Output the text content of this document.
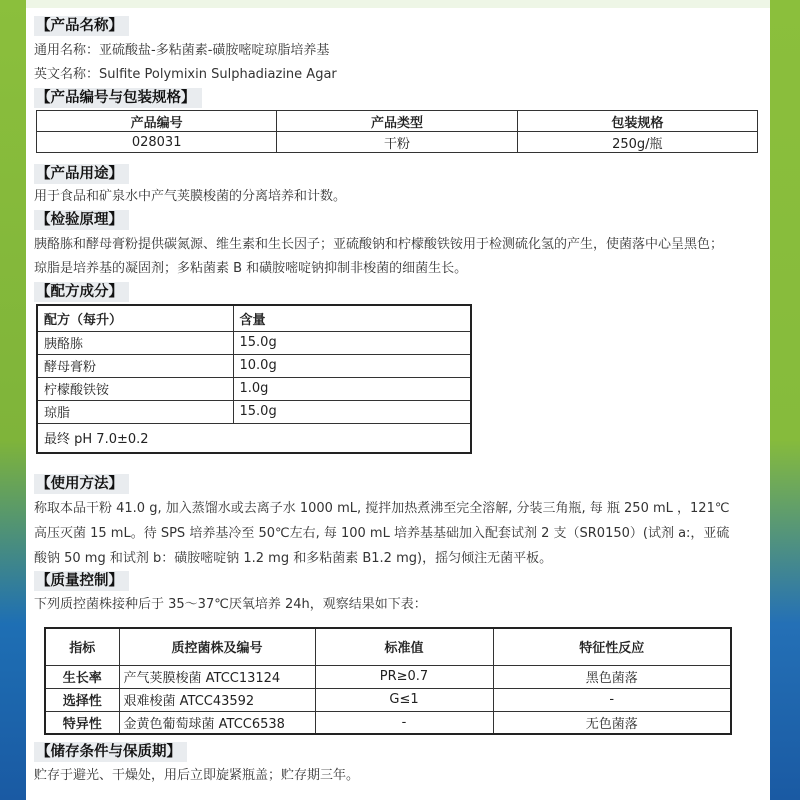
【产品名称】
通用名称：亚硫酸盐-多粘菌素-磺胺嘧啶琼脂培养基
英文名称：Sulfite Polymixin Sulphadiazine Agar
【产品编号与包装规格】
产品编号	产品类型	包装规格
028031	干粉	250g/瓶
【产品用途】
用于食品和矿泉水中产气荚膜梭菌的分离培养和计数。
【检验原理】
胰酪胨和酵母膏粉提供碳氮源、维生素和生长因子；亚硫酸钠和柠檬酸铁铵用于检测硫化氢的产生，使菌落中心呈黑色；
琼脂是培养基的凝固剂；多粘菌素 B 和磺胺嘧啶钠抑制非梭菌的细菌生长。
【配方成分】
配方（每升）	含量
胰酪胨	15.0g
酵母膏粉	10.0g
柠檬酸铁铵	1.0g
琼脂	15.0g
最终 pH 7.0±0.2	
【使用方法】
称取本品干粉 41.0 g, 加入蒸馏水或去离子水 1000 mL, 搅拌加热煮沸至完全溶解, 分装三角瓶, 每 瓶 250 mL ，121℃
高压灭菌 15 mL。待 SPS 培养基冷至 50℃左右, 每 100 mL 培养基基础加入配套试剂 2 支（SR0150）(试剂 a:，亚硫
酸钠 50 mg 和试剂 b：磺胺嘧啶钠 1.2 mg 和多粘菌素 B1.2 mg)，摇匀倾注无菌平板。
【质量控制】
下列质控菌株接种后于 35～37℃厌氧培养 24h，观察结果如下表：
指标	质控菌株及编号	标准值	特征性反应
生长率	产气荚膜梭菌 ATCC13124	PR≥0.7	黑色菌落
选择性	艰难梭菌 ATCC43592	G≤1	-
特异性	金黄色葡萄球菌 ATCC6538	-	无色菌落
【储存条件与保质期】
贮存于避光、干燥处，用后立即旋紧瓶盖；贮存期三年。
